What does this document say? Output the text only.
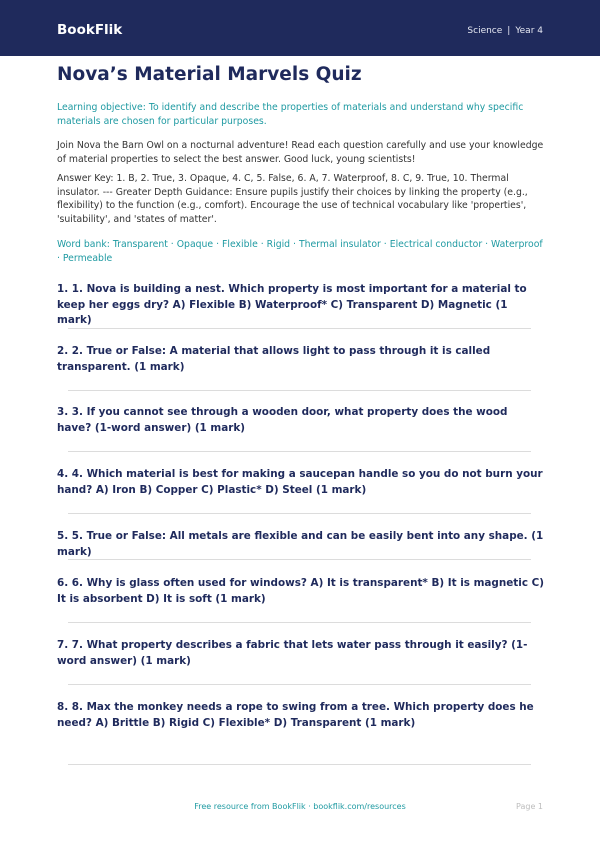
BookFlik	Science | Year 4
Nova’s Material Marvels Quiz

Learning objective: To identify and describe the properties of materials and understand why specific materials are chosen for particular purposes.

Join Nova the Barn Owl on a nocturnal adventure! Read each question carefully and use your knowledge of material properties to select the best answer. Good luck, young scientists!

Answer Key: 1. B, 2. True, 3. Opaque, 4. C, 5. False, 6. A, 7. Waterproof, 8. C, 9. True, 10. Thermal insulator. --- Greater Depth Guidance: Ensure pupils justify their choices by linking the property (e.g., flexibility) to the function (e.g., comfort). Encourage the use of technical vocabulary like 'properties', 'suitability', and 'states of matter'.

Word bank: Transparent · Opaque · Flexible · Rigid · Thermal insulator · Electrical conductor · Waterproof · Permeable

1. 1. Nova is building a nest. Which property is most important for a material to keep her eggs dry? A) Flexible B) Waterproof* C) Transparent D) Magnetic (1 mark)

2. 2. True or False: A material that allows light to pass through it is called transparent. (1 mark)

3. 3. If you cannot see through a wooden door, what property does the wood have? (1-word answer) (1 mark)

4. 4. Which material is best for making a saucepan handle so you do not burn your hand? A) Iron B) Copper C) Plastic* D) Steel (1 mark)

5. 5. True or False: All metals are flexible and can be easily bent into any shape. (1 mark)

6. 6. Why is glass often used for windows? A) It is transparent* B) It is magnetic C) It is absorbent D) It is soft (1 mark)

7. 7. What property describes a fabric that lets water pass through it easily? (1-word answer) (1 mark)

8. 8. Max the monkey needs a rope to swing from a tree. Which property does he need? A) Brittle B) Rigid C) Flexible* D) Transparent (1 mark)

Free resource from BookFlik · bookflik.com/resources	Page 1
